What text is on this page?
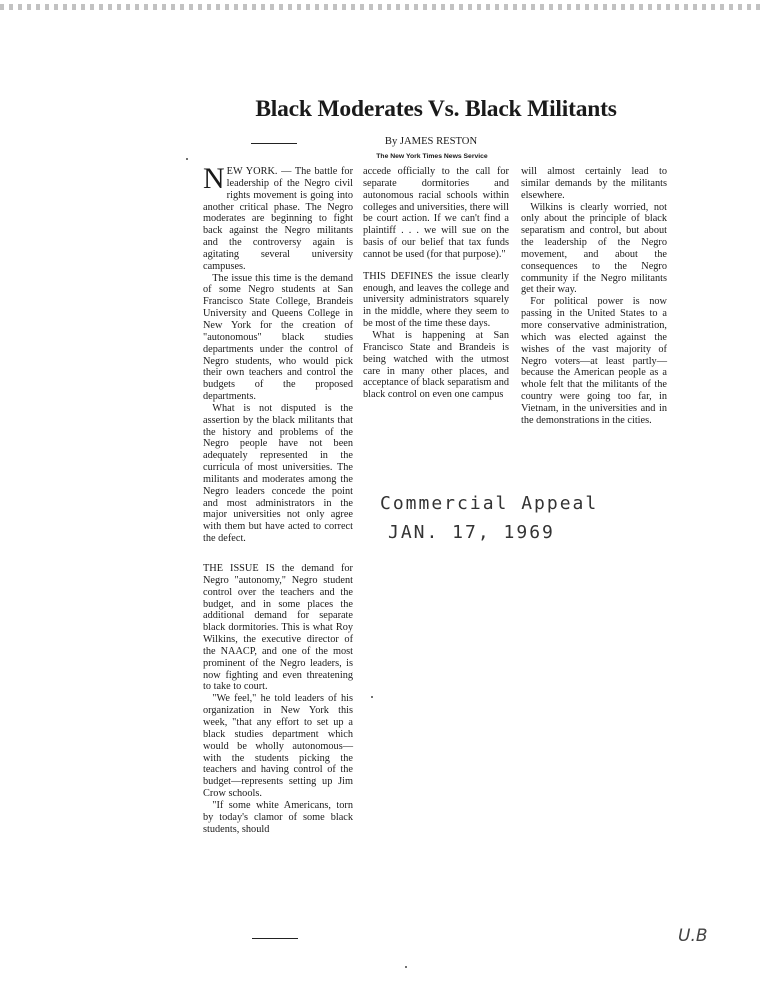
Black Moderates Vs. Black Militants
By JAMES RESTON
The New York Times News Service

NEW YORK. — The battle for leadership of the Negro civil rights movement is going into another critical phase. The Negro moderates are beginning to fight back against the Negro militants and the controversy again is agitating several university campuses.

The issue this time is the demand of some Negro students at San Francisco State College, Brandeis University and Queens College in New York for the creation of "autonomous" black studies departments under the control of Negro students, who would pick their own teachers and control the budgets of the proposed departments.

What is not disputed is the assertion by the black militants that the history and problems of the Negro people have not been adequately represented in the curricula of most universities. The militants and moderates among the Negro leaders concede the point and most administrators in the major universities not only agree with them but have acted to correct the defect.

THE ISSUE IS the demand for Negro "autonomy," Negro student control over the teachers and the budget, and in some places the additional demand for separate black dormitories. This is what Roy Wilkins, the executive director of the NAACP, and one of the most prominent of the Negro leaders, is now fighting and even threatening to take to court.

"We feel," he told leaders of his organization in New York this week, "that any effort to set up a black studies department which would be wholly autonomous—with the students picking the teachers and having control of the budget—represents setting up Jim Crow schools.

"If some white Americans, torn by today's clamor of some black students, should

accede officially to the call for separate dormitories and autonomous racial schools within colleges and universities, there will be court action. If we can't find a plaintiff . . . we will sue on the basis of our belief that tax funds cannot be used (for that purpose)."

THIS DEFINES the issue clearly enough, and leaves the college and university administrators squarely in the middle, where they seem to be most of the time these days.

What is happening at San Francisco State and Brandeis is being watched with the utmost care in many other places, and acceptance of black separatism and black control on even one campus

will almost certainly lead to similar demands by the militants elsewhere.

Wilkins is clearly worried, not only about the principle of black separatism and control, but about the leadership of the Negro movement, and about the consequences to the Negro community if the Negro militants get their way.

For political power is now passing in the United States to a more conservative administration, which was elected against the wishes of the vast majority of Negro voters—at least partly—because the American people as a whole felt that the militants of the country were going too far, in Vietnam, in the universities and in the demonstrations in the cities.

Commercial Appeal
JAN. 17, 1969
U.B
